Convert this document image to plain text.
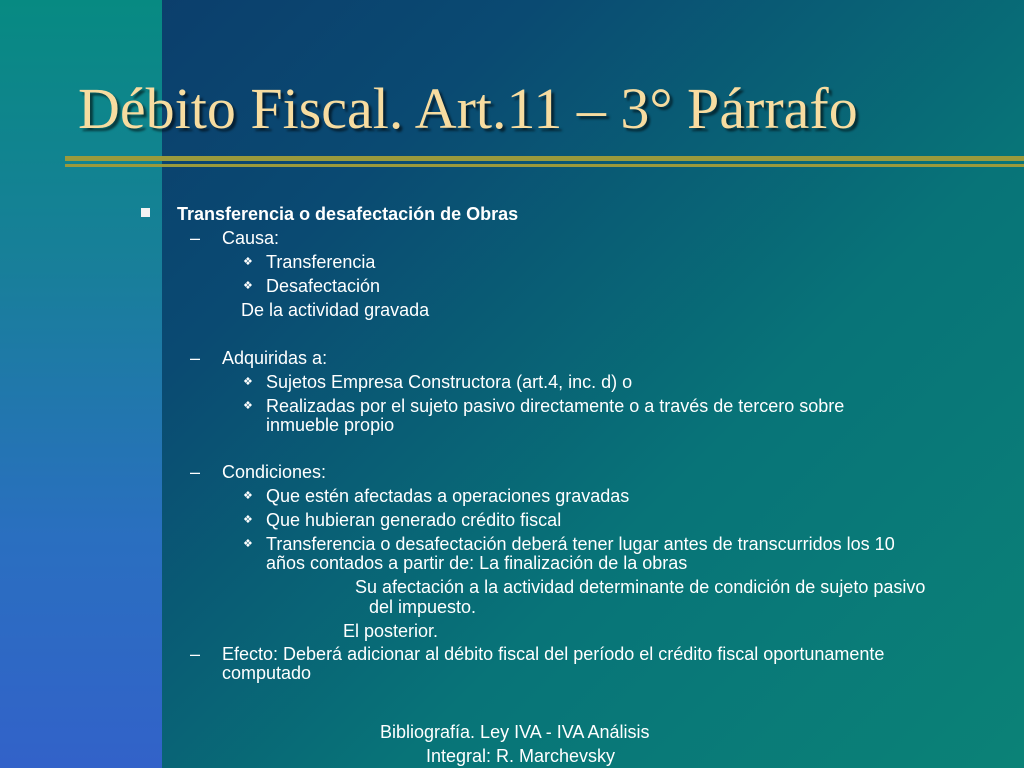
Débito Fiscal. Art.11 – 3° Párrafo
Transferencia o desafectación de Obras
– Causa:
❖ Transferencia
❖ Desafectación
De la actividad gravada
– Adquiridas a:
❖ Sujetos Empresa Constructora (art.4, inc. d) o
❖ Realizadas por el sujeto pasivo directamente o a través de tercero sobre
inmueble propio
– Condiciones:
❖ Que estén afectadas a operaciones gravadas
❖ Que hubieran generado crédito fiscal
❖ Transferencia o desafectación deberá tener lugar antes de transcurridos los 10
años contados a partir de: La finalización de la obras
Su afectación a la actividad determinante de condición de sujeto pasivo
del impuesto.
El posterior.
– Efecto: Deberá adicionar al débito fiscal del período el crédito fiscal oportunamente
computado
Bibliografía. Ley IVA - IVA Análisis
Integral: R. Marchevsky
